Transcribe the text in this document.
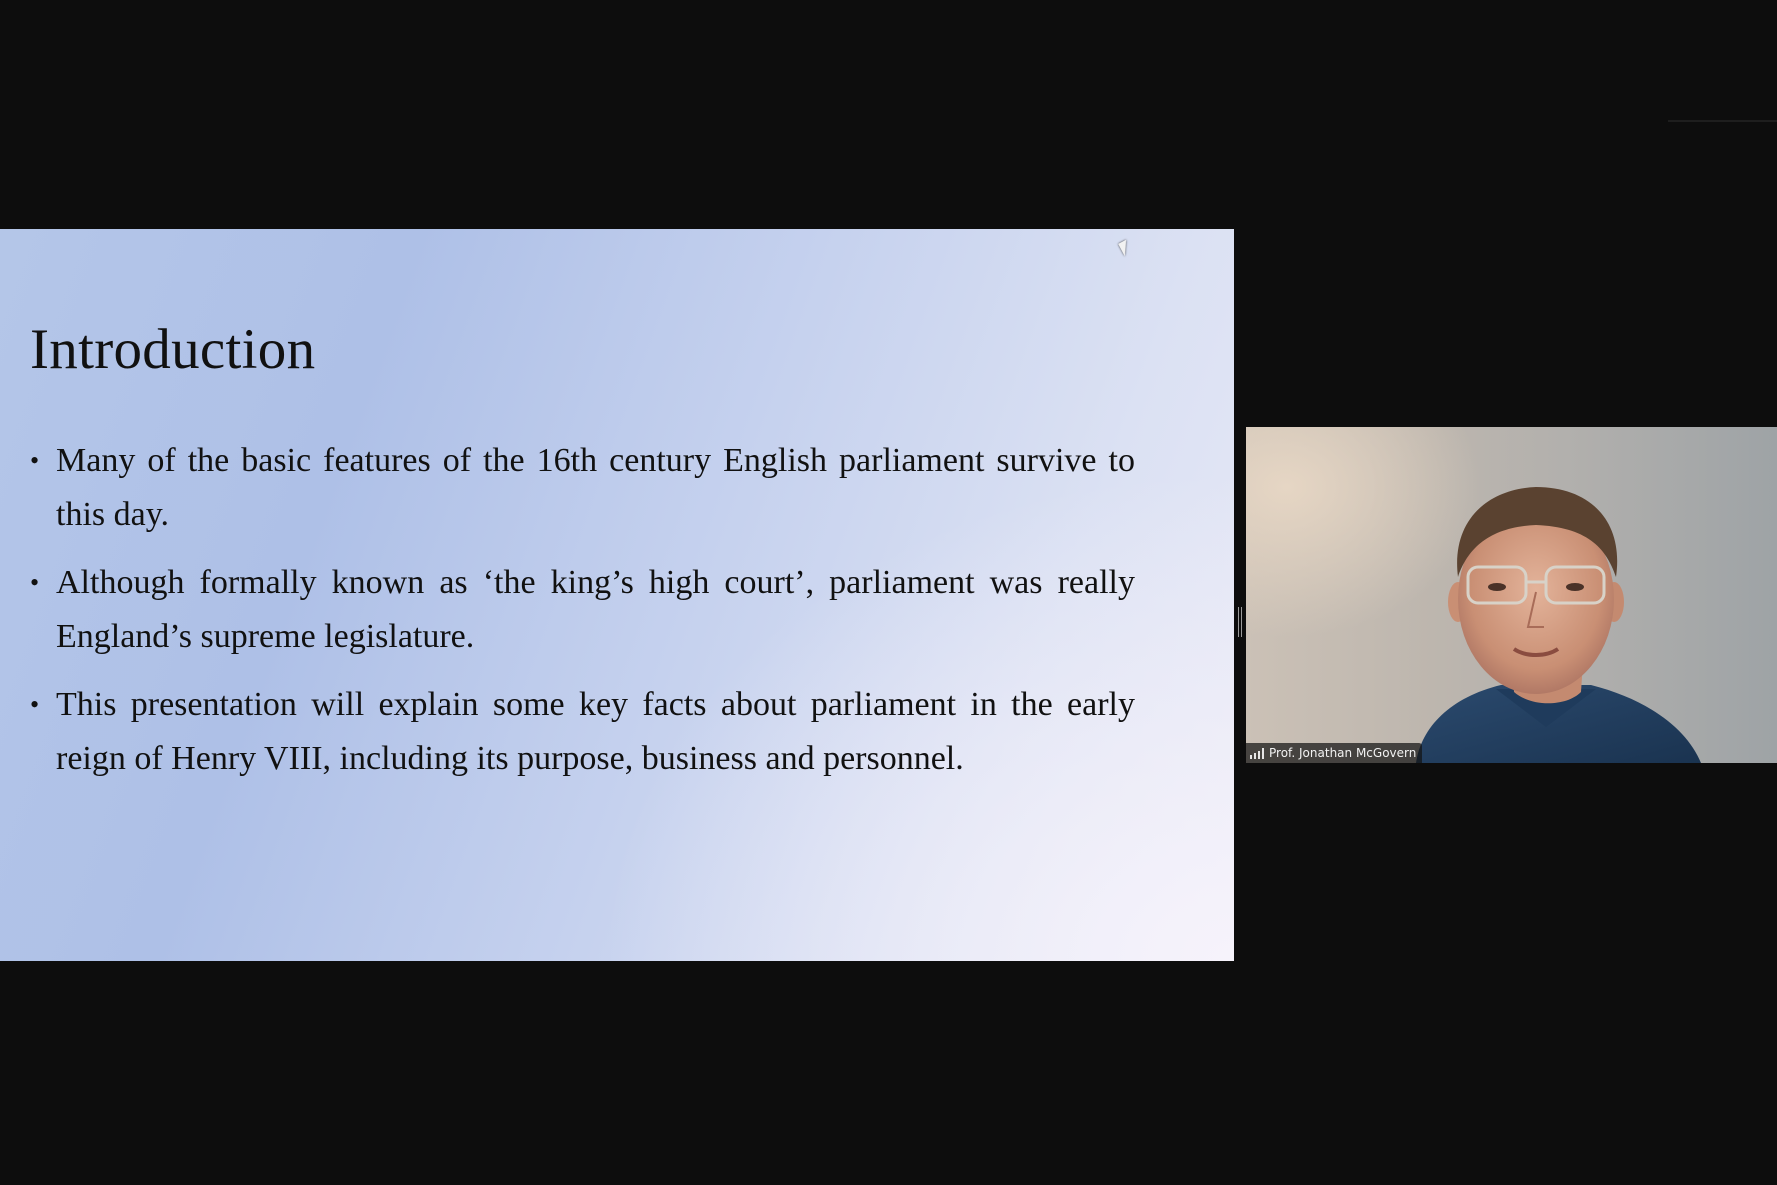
Introduction
• Many of the basic features of the 16th century English parliament survive to this day.
• Although formally known as ‘the king’s high court’, parliament was really England’s supreme legislature.
• This presentation will explain some key facts about parliament in the early reign of Henry VIII, including its purpose, business and personnel.	Prof. Jonathan McGovern
